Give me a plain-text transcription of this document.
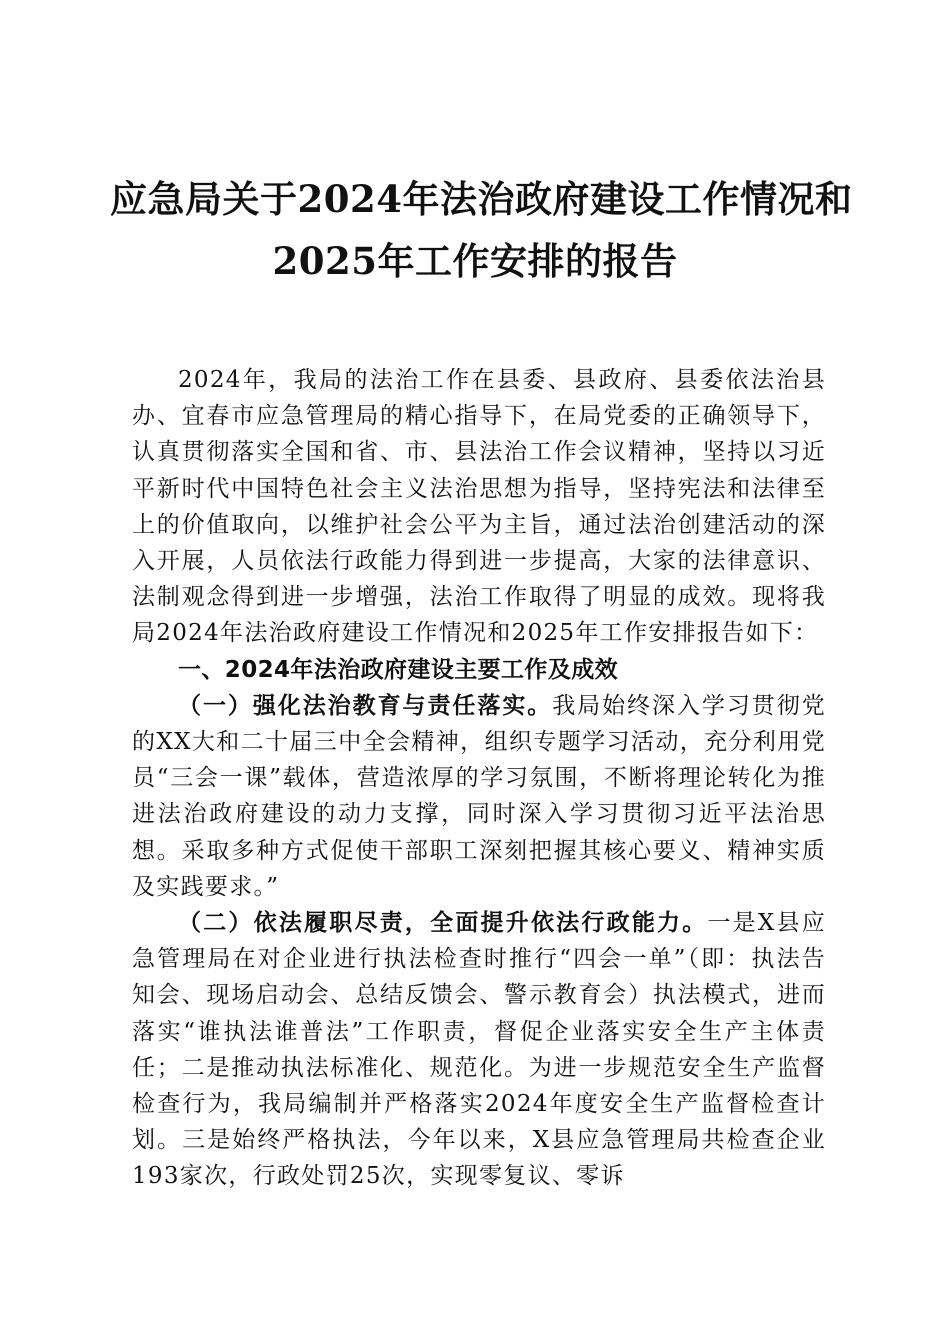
应急局关于2024年法治政府建设工作情况和
2025年工作安排的报告

2024年，我局的法治工作在县委、县政府、县委依法治县办、宜春市应急管理局的精心指导下，在局党委的正确领导下，认真贯彻落实全国和省、市、县法治工作会议精神，坚持以习近平新时代中国特色社会主义法治思想为指导，坚持宪法和法律至上的价值取向，以维护社会公平为主旨，通过法治创建活动的深入开展，人员依法行政能力得到进一步提高，大家的法律意识、法制观念得到进一步增强，法治工作取得了明显的成效。现将我局2024年法治政府建设工作情况和2025年工作安排报告如下：

一、2024年法治政府建设主要工作及成效

（一）强化法治教育与责任落实。我局始终深入学习贯彻党的XX大和二十届三中全会精神，组织专题学习活动，充分利用党员“三会一课”载体，营造浓厚的学习氛围，不断将理论转化为推进法治政府建设的动力支撑，同时深入学习贯彻习近平法治思想。采取多种方式促使干部职工深刻把握其核心要义、精神实质及实践要求。”

（二）依法履职尽责，全面提升依法行政能力。一是X县应急管理局在对企业进行执法检查时推行“四会一单”（即：执法告知会、现场启动会、总结反馈会、警示教育会）执法模式，进而落实“谁执法谁普法”工作职责，督促企业落实安全生产主体责任；二是推动执法标准化、规范化。为进一步规范安全生产监督检查行为，我局编制并严格落实2024年度安全生产监督检查计划。三是始终严格执法，今年以来，X县应急管理局共检查企业193家次，行政处罚25次，实现零复议、零诉
